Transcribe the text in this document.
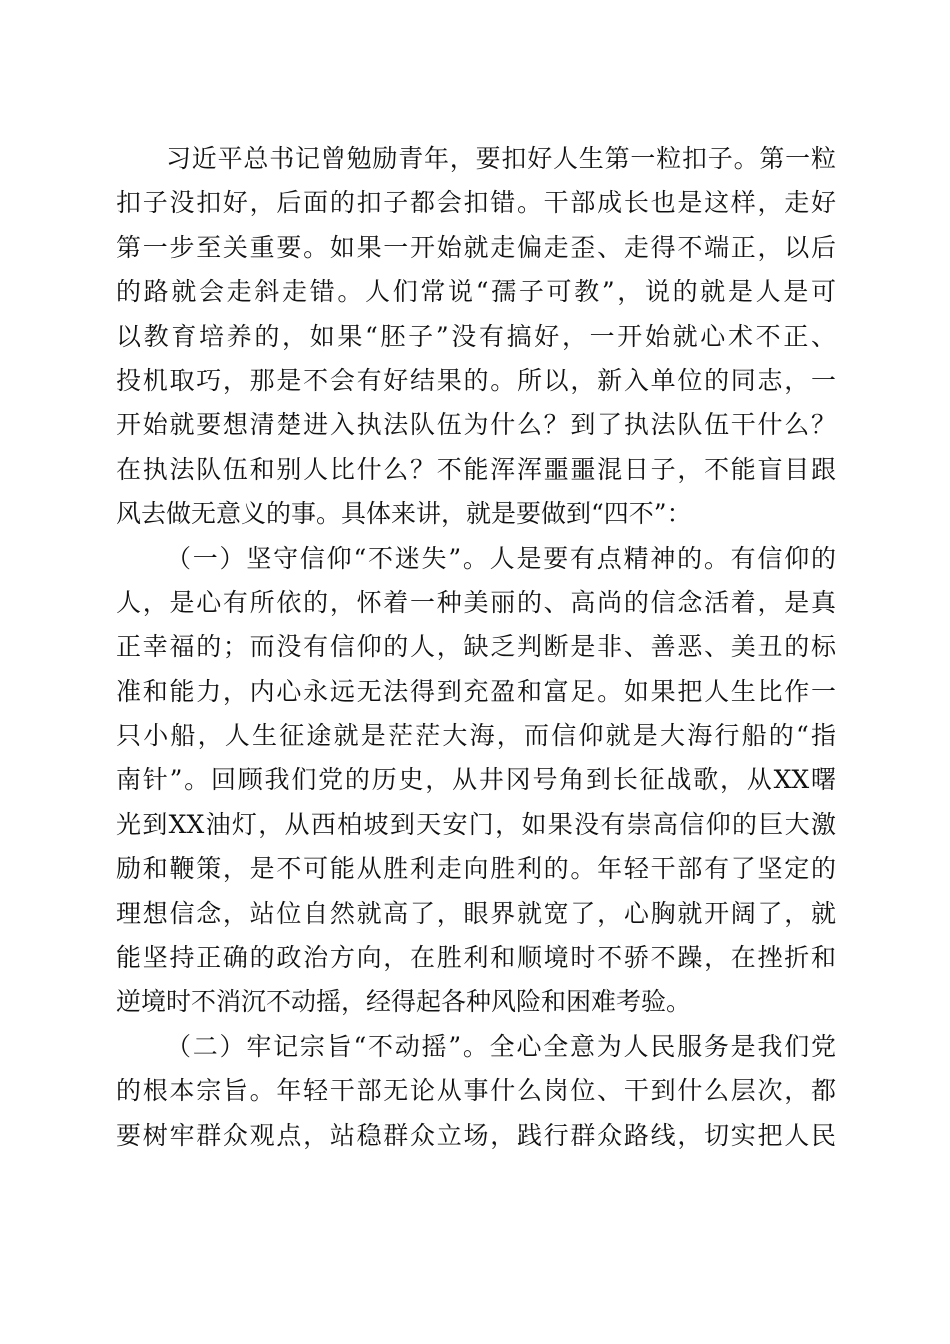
习近平总书记曾勉励青年，要扣好人生第一粒扣子。第一粒
扣子没扣好，后面的扣子都会扣错。干部成长也是这样，走好
第一步至关重要。如果一开始就走偏走歪、走得不端正，以后
的路就会走斜走错。人们常说“孺子可教”，说的就是人是可
以教育培养的，如果“胚子”没有搞好，一开始就心术不正、
投机取巧，那是不会有好结果的。所以，新入单位的同志，一
开始就要想清楚进入执法队伍为什么？到了执法队伍干什么？
在执法队伍和别人比什么？不能浑浑噩噩混日子，不能盲目跟
风去做无意义的事。具体来讲，就是要做到“四不”：
（一）坚守信仰“不迷失”。人是要有点精神的。有信仰的
人，是心有所依的，怀着一种美丽的、高尚的信念活着，是真
正幸福的；而没有信仰的人，缺乏判断是非、善恶、美丑的标
准和能力，内心永远无法得到充盈和富足。如果把人生比作一
只小船，人生征途就是茫茫大海，而信仰就是大海行船的“指
南针”。回顾我们党的历史，从井冈号角到长征战歌，从XX曙
光到XX油灯，从西柏坡到天安门，如果没有崇高信仰的巨大激
励和鞭策，是不可能从胜利走向胜利的。年轻干部有了坚定的
理想信念，站位自然就高了，眼界就宽了，心胸就开阔了，就
能坚持正确的政治方向，在胜利和顺境时不骄不躁，在挫折和
逆境时不消沉不动摇，经得起各种风险和困难考验。
（二）牢记宗旨“不动摇”。全心全意为人民服务是我们党
的根本宗旨。年轻干部无论从事什么岗位、干到什么层次，都
要树牢群众观点，站稳群众立场，践行群众路线，切实把人民
